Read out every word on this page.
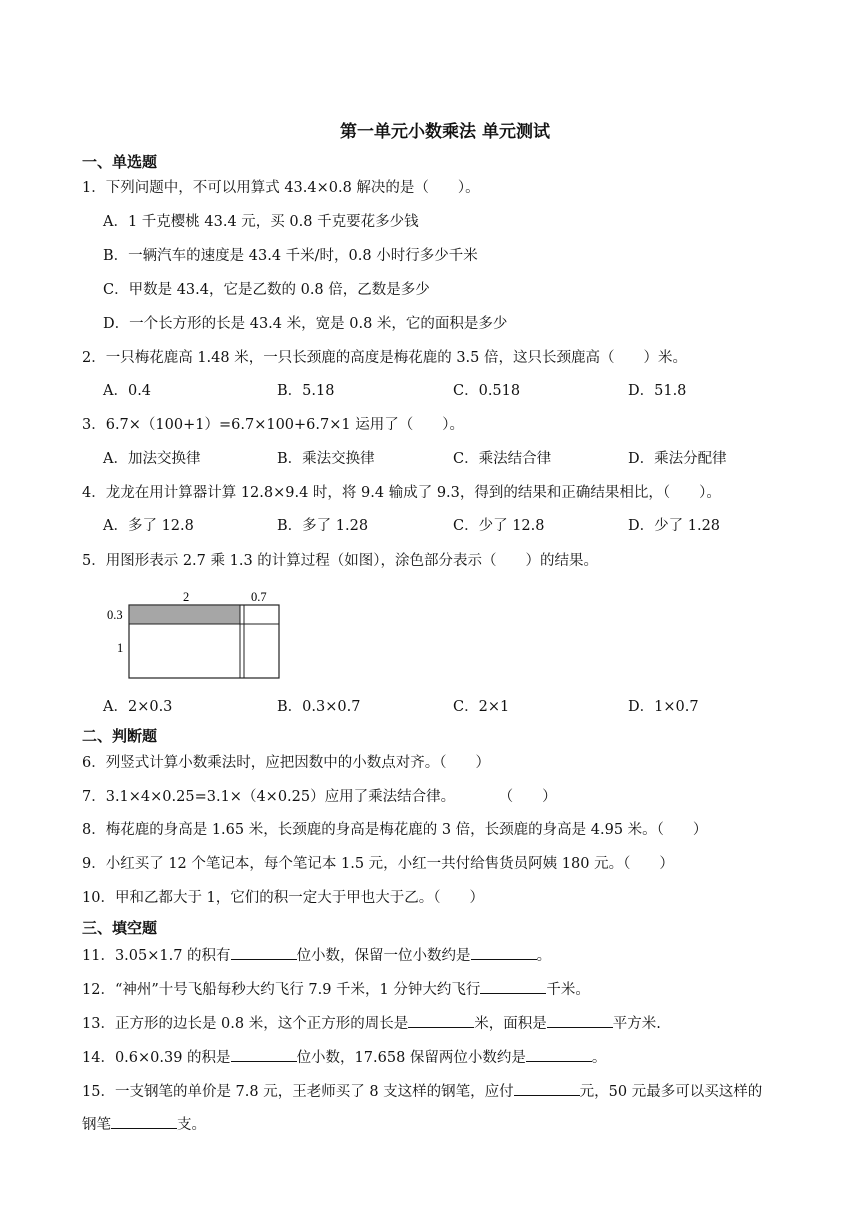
第一单元小数乘法 单元测试
一、单选题
1．下列问题中，不可以用算式 43.4×0.8 解决的是（　　）。
A．1 千克樱桃 43.4 元，买 0.8 千克要花多少钱
B．一辆汽车的速度是 43.4 千米/时，0.8 小时行多少千米
C．甲数是 43.4，它是乙数的 0.8 倍，乙数是多少
D．一个长方形的长是 43.4 米，宽是 0.8 米，它的面积是多少
2．一只梅花鹿高 1.48 米，一只长颈鹿的高度是梅花鹿的 3.5 倍，这只长颈鹿高（　　）米。
A．0.4	B．5.18	C．0.518	D．51.8
3．6.7×（100+1）=6.7×100+6.7×1 运用了（　　）。
A．加法交换律	B．乘法交换律	C．乘法结合律	D．乘法分配律
4．龙龙在用计算器计算 12.8×9.4 时，将 9.4 输成了 9.3，得到的结果和正确结果相比，（　　）。
A．多了 12.8	B．多了 1.28	C．少了 12.8	D．少了 1.28
5．用图形表示 2.7 乘 1.3 的计算过程（如图），涂色部分表示（　　）的结果。
2	0.7
0.3
1
A．2×0.3	B．0.3×0.7	C．2×1	D．1×0.7
二、判断题
6．列竖式计算小数乘法时，应把因数中的小数点对齐。（　　）
7．3.1×4×0.25=3.1×（4×0.25）应用了乘法结合律。　　　　（　　）
8．梅花鹿的身高是 1.65 米，长颈鹿的身高是梅花鹿的 3 倍，长颈鹿的身高是 4.95 米。（　　）
9．小红买了 12 个笔记本，每个笔记本 1.5 元，小红一共付给售货员阿姨 180 元。（　　）
10．甲和乙都大于 1，它们的积一定大于甲也大于乙。（　　）
三、填空题
11．3.05×1.7 的积有	位小数，保留一位小数约是	。
12．“神州”十号飞船每秒大约飞行 7.9 千米，1 分钟大约飞行	千米。
13．正方形的边长是 0.8 米，这个正方形的周长是	米，面积是	平方米.
14．0.6×0.39 的积是	位小数，17.658 保留两位小数约是	。
15．一支钢笔的单价是 7.8 元，王老师买了 8 支这样的钢笔，应付	元，50 元最多可以买这样的
钢笔	支。
